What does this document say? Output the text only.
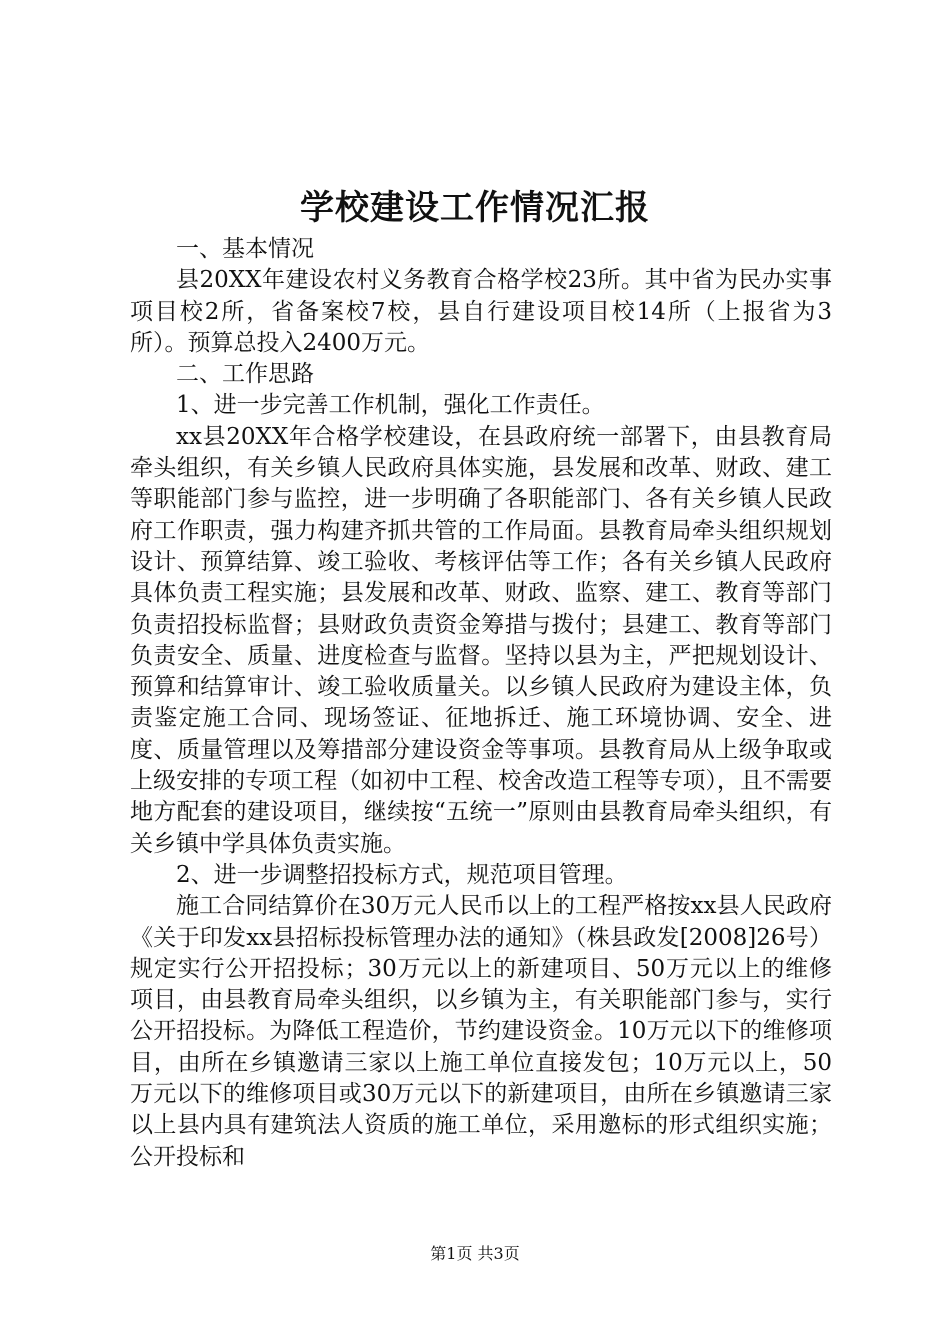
学校建设工作情况汇报

一、基本情况

县20XX年建设农村义务教育合格学校23所。其中省为民办实事项目校2所，省备案校7校，县自行建设项目校14所（上报省为3所）。预算总投入2400万元。

二、工作思路

1、进一步完善工作机制，强化工作责任。

xx县20XX年合格学校建设，在县政府统一部署下，由县教育局牵头组织，有关乡镇人民政府具体实施，县发展和改革、财政、建工等职能部门参与监控，进一步明确了各职能部门、各有关乡镇人民政府工作职责，强力构建齐抓共管的工作局面。县教育局牵头组织规划设计、预算结算、竣工验收、考核评估等工作；各有关乡镇人民政府具体负责工程实施；县发展和改革、财政、监察、建工、教育等部门负责招投标监督；县财政负责资金筹措与拨付；县建工、教育等部门负责安全、质量、进度检查与监督。坚持以县为主，严把规划设计、预算和结算审计、竣工验收质量关。以乡镇人民政府为建设主体，负责鉴定施工合同、现场签证、征地拆迁、施工环境协调、安全、进度、质量管理以及筹措部分建设资金等事项。县教育局从上级争取或上级安排的专项工程（如初中工程、校舍改造工程等专项），且不需要地方配套的建设项目，继续按“五统一”原则由县教育局牵头组织，有关乡镇中学具体负责实施。

2、进一步调整招投标方式，规范项目管理。

施工合同结算价在30万元人民币以上的工程严格按xx县人民政府《关于印发xx县招标投标管理办法的通知》（株县政发[2008]26号）规定实行公开招投标；30万元以上的新建项目、50万元以上的维修项目，由县教育局牵头组织，以乡镇为主，有关职能部门参与，实行公开招投标。为降低工程造价，节约建设资金。10万元以下的维修项目，由所在乡镇邀请三家以上施工单位直接发包；10万元以上，50万元以下的维修项目或30万元以下的新建项目，由所在乡镇邀请三家以上县内具有建筑法人资质的施工单位，采用邀标的形式组织实施；公开投标和

第1页 共3页
